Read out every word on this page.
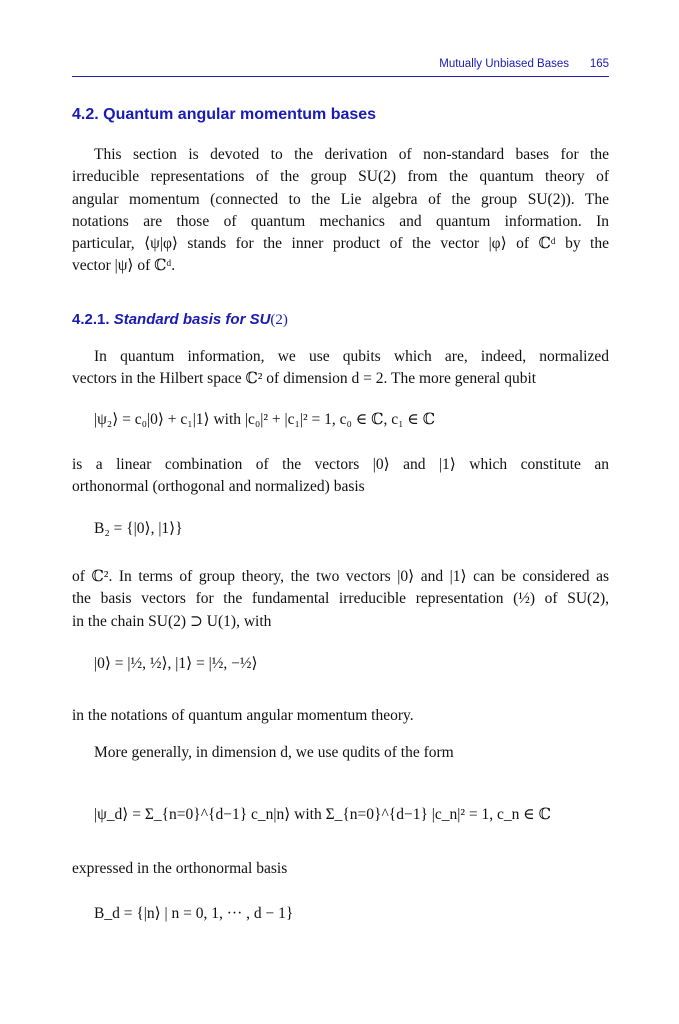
Mutually Unbiased Bases 165
4.2. Quantum angular momentum bases
This section is devoted to the derivation of non-standard bases for the
irreducible representations of the group SU(2) from the quantum theory of
angular momentum (connected to the Lie algebra of the group SU(2)). The
notations are those of quantum mechanics and quantum information. In
particular, ⟨ψ|φ⟩ stands for the inner product of the vector |φ⟩ of ℂᵈ by the
vector |ψ⟩ of ℂᵈ.
4.2.1. Standard basis for SU(2)
In quantum information, we use qubits which are, indeed, normalized
vectors in the Hilbert space ℂ² of dimension d = 2. The more general qubit
|ψ₂⟩ = c₀|0⟩ + c₁|1⟩ with |c₀|² + |c₁|² = 1, c₀ ∈ ℂ, c₁ ∈ ℂ
is a linear combination of the vectors |0⟩ and |1⟩ which constitute an
orthonormal (orthogonal and normalized) basis
B₂ = {|0⟩, |1⟩}
of ℂ². In terms of group theory, the two vectors |0⟩ and |1⟩ can be considered as
the basis vectors for the fundamental irreducible representation (½) of SU(2),
in the chain SU(2) ⊃ U(1), with
|0⟩ = |½, ½⟩, |1⟩ = |½, −½⟩
in the notations of quantum angular momentum theory.
More generally, in dimension d, we use qudits of the form
|ψ_d⟩ = Σ_{n=0}^{d−1} c_n|n⟩ with Σ_{n=0}^{d−1} |c_n|² = 1, c_n ∈ ℂ
expressed in the orthonormal basis
B_d = {|n⟩ | n = 0, 1, ··· , d − 1}
